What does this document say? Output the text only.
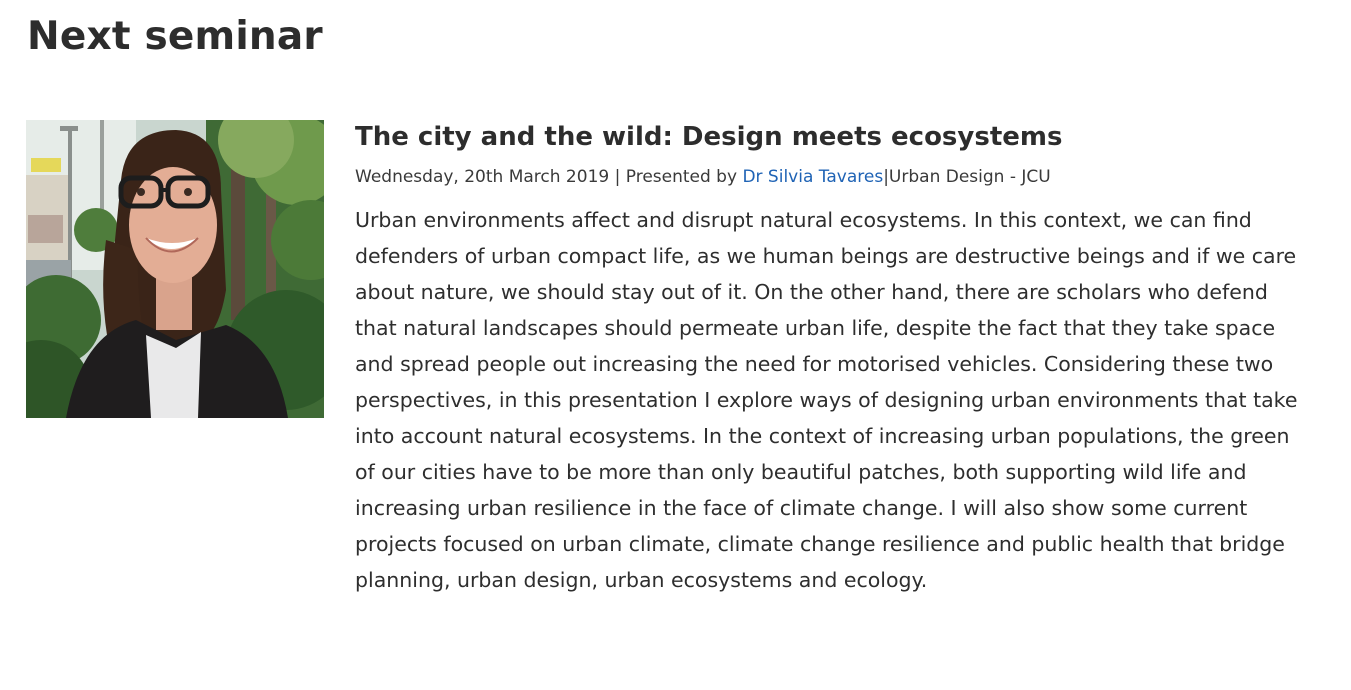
Next seminar
The city and the wild: Design meets ecosystems
Wednesday, 20th March 2019 | Presented by Dr Silvia Tavares|Urban Design - JCU

Urban environments affect and disrupt natural ecosystems. In this context, we can find defenders of urban compact life, as we human beings are destructive beings and if we care about nature, we should stay out of it. On the other hand, there are scholars who defend that natural landscapes should permeate urban life, despite the fact that they take space and spread people out increasing the need for motorised vehicles. Considering these two perspectives, in this presentation I explore ways of designing urban environments that take into account natural ecosystems. In the context of increasing urban populations, the green of our cities have to be more than only beautiful patches, both supporting wild life and increasing urban resilience in the face of climate change. I will also show some current projects focused on urban climate, climate change resilience and public health that bridge planning, urban design, urban ecosystems and ecology.
